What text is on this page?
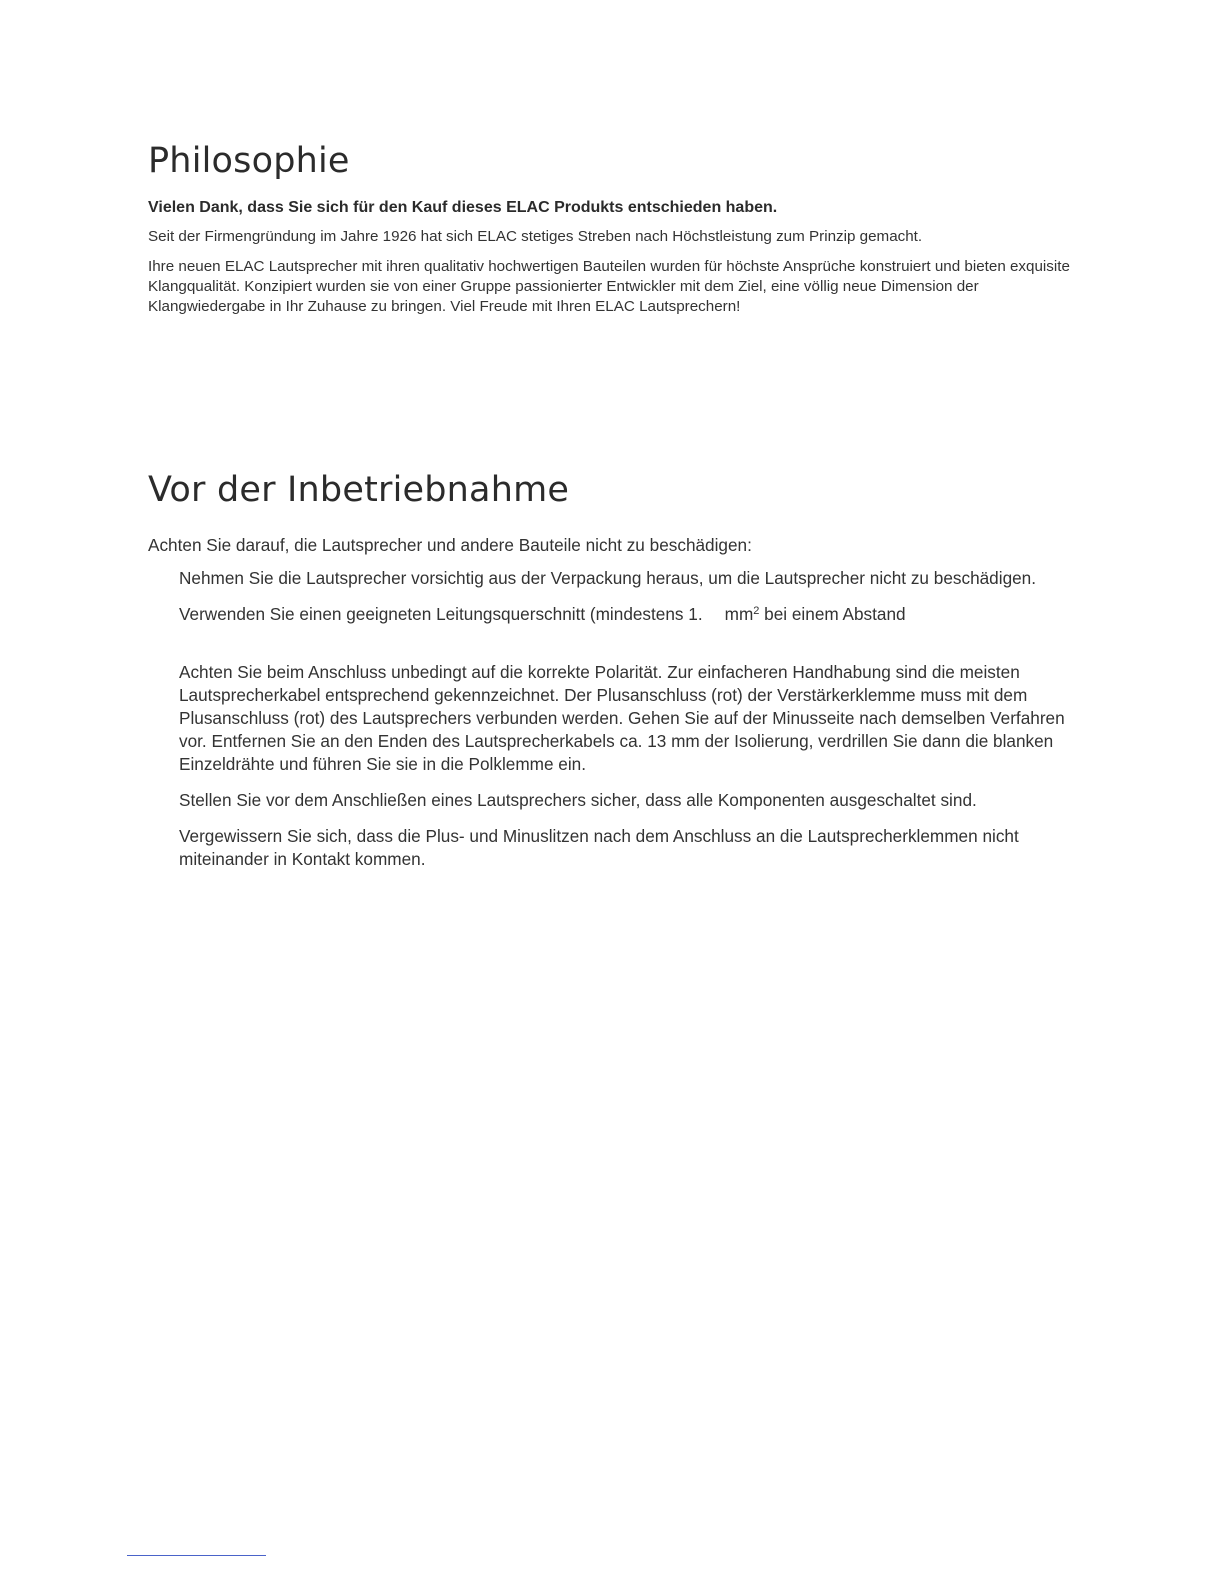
Philosophie

Vielen Dank, dass Sie sich für den Kauf dieses ELAC Produkts entschieden haben.

Seit der Firmengründung im Jahre 1926 hat sich ELAC stetiges Streben nach Höchstleistung zum Prinzip gemacht.

Ihre neuen ELAC Lautsprecher mit ihren qualitativ hochwertigen Bauteilen wurden für höchste Ansprüche konstruiert und bieten exquisite Klangqualität. Konzipiert wurden sie von einer Gruppe passionierter Entwickler mit dem Ziel, eine völlig neue Dimension der Klangwiedergabe in Ihr Zuhause zu bringen. Viel Freude mit Ihren ELAC Lautsprechern!

Vor der Inbetriebnahme

Achten Sie darauf, die Lautsprecher und andere Bauteile nicht zu beschädigen:

Nehmen Sie die Lautsprecher vorsichtig aus der Verpackung heraus, um die Lautsprecher nicht zu beschädigen.
Verwenden Sie einen geeigneten Leitungsquerschnitt (mindestens 1. $mm^2$ bei einem Abstand
Achten Sie beim Anschluss unbedingt auf die korrekte Polarität. Zur einfacheren Handhabung sind die meisten Lautsprecherkabel entsprechend gekennzeichnet. Der Plusanschluss (rot) der Verstärkerklemme muss mit dem Plusanschluss (rot) des Lautsprechers verbunden werden. Gehen Sie auf der Minusseite nach demselben Verfahren vor. Entfernen Sie an den Enden des Lautsprecherkabels ca. 13 mm der Isolierung, verdrillen Sie dann die blanken Einzeldrähte und führen Sie sie in die Polklemme ein.
Stellen Sie vor dem Anschließen eines Lautsprechers sicher, dass alle Komponenten ausgeschaltet sind.
Vergewissern Sie sich, dass die Plus- und Minuslitzen nach dem Anschluss an die Lautsprecherklemmen nicht miteinander in Kontakt kommen.
